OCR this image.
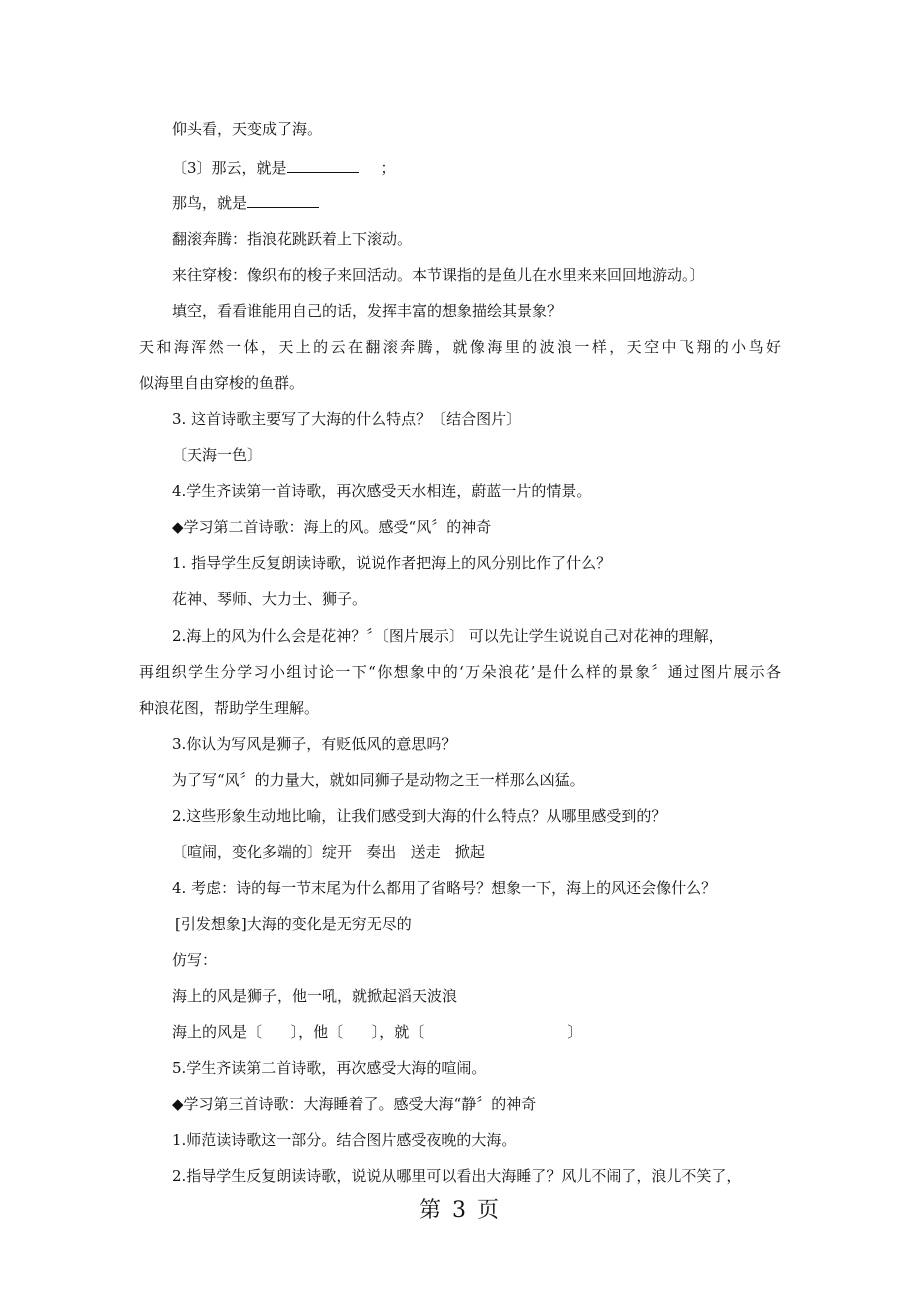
仰头看，天变成了海。
〔3〕那云，就是	；
那鸟，就是
翻滚奔腾：指浪花跳跃着上下滚动。
来往穿梭：像织布的梭子来回活动。本节课指的是鱼儿在水里来来回回地游动。〕
填空，看看谁能用自己的话，发挥丰富的想象描绘其景象？
天和海浑然一体，天上的云在翻滚奔腾，就像海里的波浪一样，天空中飞翔的小鸟好
似海里自由穿梭的鱼群。
3. 这首诗歌主要写了大海的什么特点？〔结合图片〕
〔天海一色〕
4.学生齐读第一首诗歌，再次感受天水相连，蔚蓝一片的情景。
◆学习第二首诗歌：海上的风。感受“风〞的神奇
1. 指导学生反复朗读诗歌，说说作者把海上的风分别比作了什么？
花神、琴师、大力士、狮子。
2.海上的风为什么会是花神？〞〔图片展示〕 可以先让学生说说自己对花神的理解，
再组织学生分学习小组讨论一下“你想象中的‘万朵浪花’是什么样的景象〞通过图片展示各
种浪花图，帮助学生理解。
3.你认为写风是狮子，有贬低风的意思吗？
为了写“风〞的力量大，就如同狮子是动物之王一样那么凶猛。
2.这些形象生动地比喻，让我们感受到大海的什么特点？从哪里感受到的？
〔喧闹，变化多端的〕绽开   奏出   送走   掀起
4. 考虑：诗的每一节末尾为什么都用了省略号？想象一下，海上的风还会像什么？
[引发想象]大海的变化是无穷无尽的
仿写：
海上的风是狮子，他一吼，就掀起滔天波浪
海上的风是〔      〕，他〔      〕，就〔                              〕
5.学生齐读第二首诗歌，再次感受大海的喧闹。
◆学习第三首诗歌：大海睡着了。感受大海“静〞的神奇
1.师范读诗歌这一部分。结合图片感受夜晚的大海。
2.指导学生反复朗读诗歌，说说从哪里可以看出大海睡了？风儿不闹了，浪儿不笑了，
第 3 页
